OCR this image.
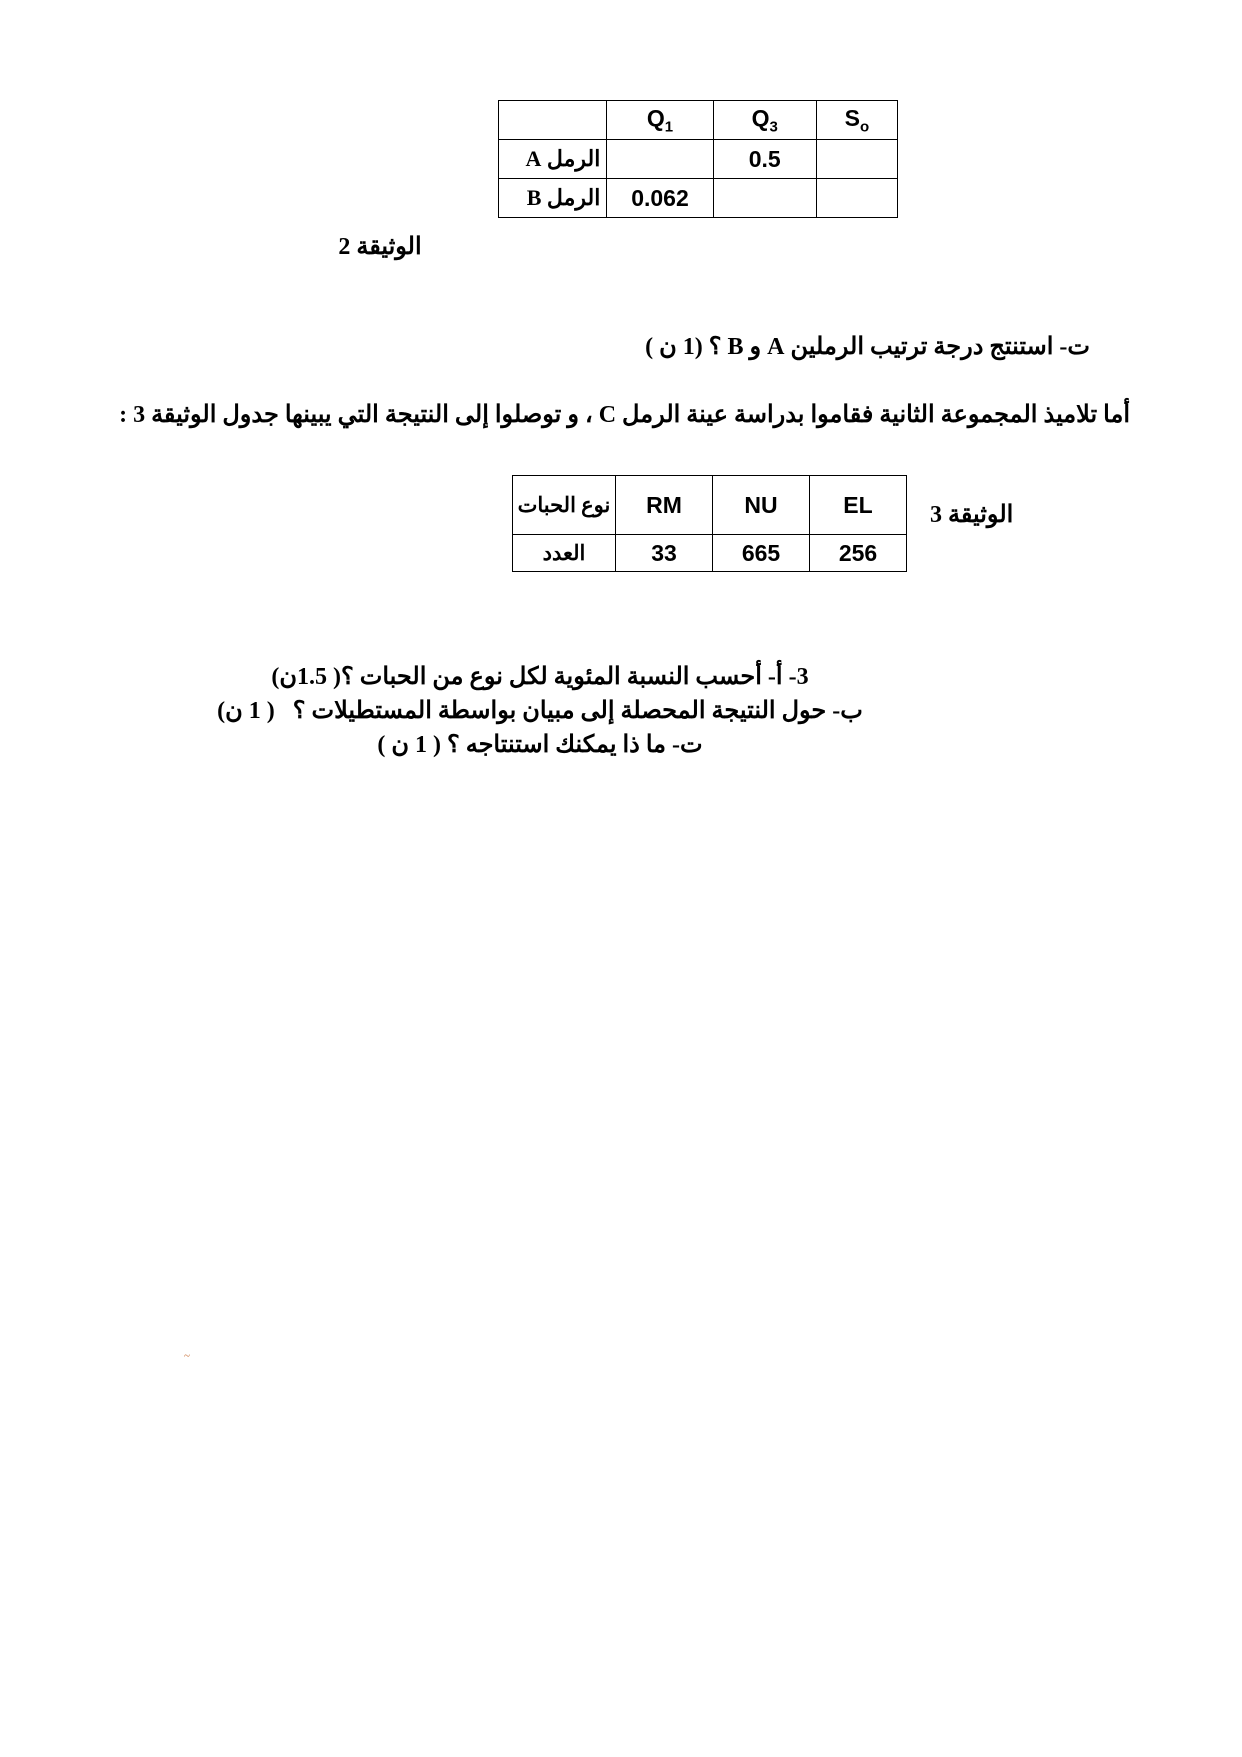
$S_o$	$Q_3$	$Q_1$	
	0.5		الرمل A
		0.062	الرمل B
الوثيقة 2
ت- استنتج درجة ترتيب الرملين A و B ؟ (1 ن )
أما تلاميذ المجموعة الثانية فقاموا بدراسة عينة الرمل C ، و توصلوا إلى النتيجة التي يبينها جدول الوثيقة 3 :
EL	NU	RM	نوع الحبات
256	665	33	العدد
الوثيقة 3
3- أ- أحسب النسبة المئوية لكل نوع من الحبات ؟( 1.5ن)
ب- حول النتيجة المحصلة إلى مبيان بواسطة المستطيلات ؟   ( 1 ن)
ت- ما ذا يمكنك استنتاجه ؟ ( 1 ن )
~
